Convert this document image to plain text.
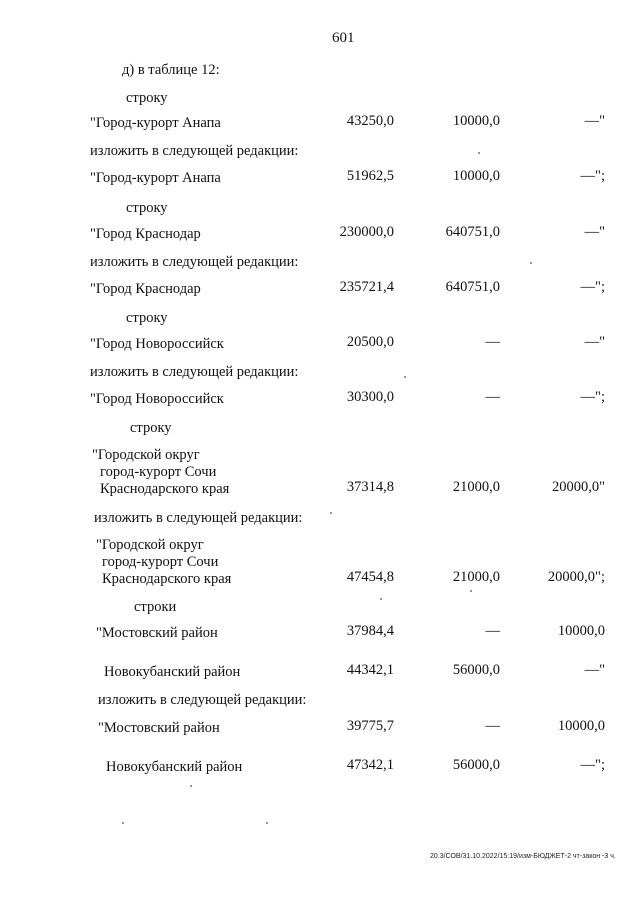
601
д) в таблице 12:
строку
"Город-курорт Анапа	43250,0	10000,0	—"
изложить в следующей редакции:
"Город-курорт Анапа	51962,5	10000,0	—";
строку
"Город Краснодар	230000,0	640751,0	—"
изложить в следующей редакции:
"Город Краснодар	235721,4	640751,0	—";
строку
"Город Новороссийск	20500,0	—	—"
изложить в следующей редакции:
"Город Новороссийск	30300,0	—	—";
строку
"Городской округ
город-курорт Сочи
Краснодарского края	37314,8	21000,0	20000,0"
изложить в следующей редакции:
"Городской округ
город-курорт Сочи
Краснодарского края	47454,8	21000,0	20000,0";
строки
"Мостовский район	37984,4	—	10000,0
Новокубанский район	44342,1	56000,0	—"
изложить в следующей редакции:
"Мостовский район	39775,7	—	10000,0
Новокубанский район	47342,1	56000,0	—";
20.3/СОВ/31.10.2022/15:19/изм-БЮДЖЕТ-2 чт-закон -3 ч.
